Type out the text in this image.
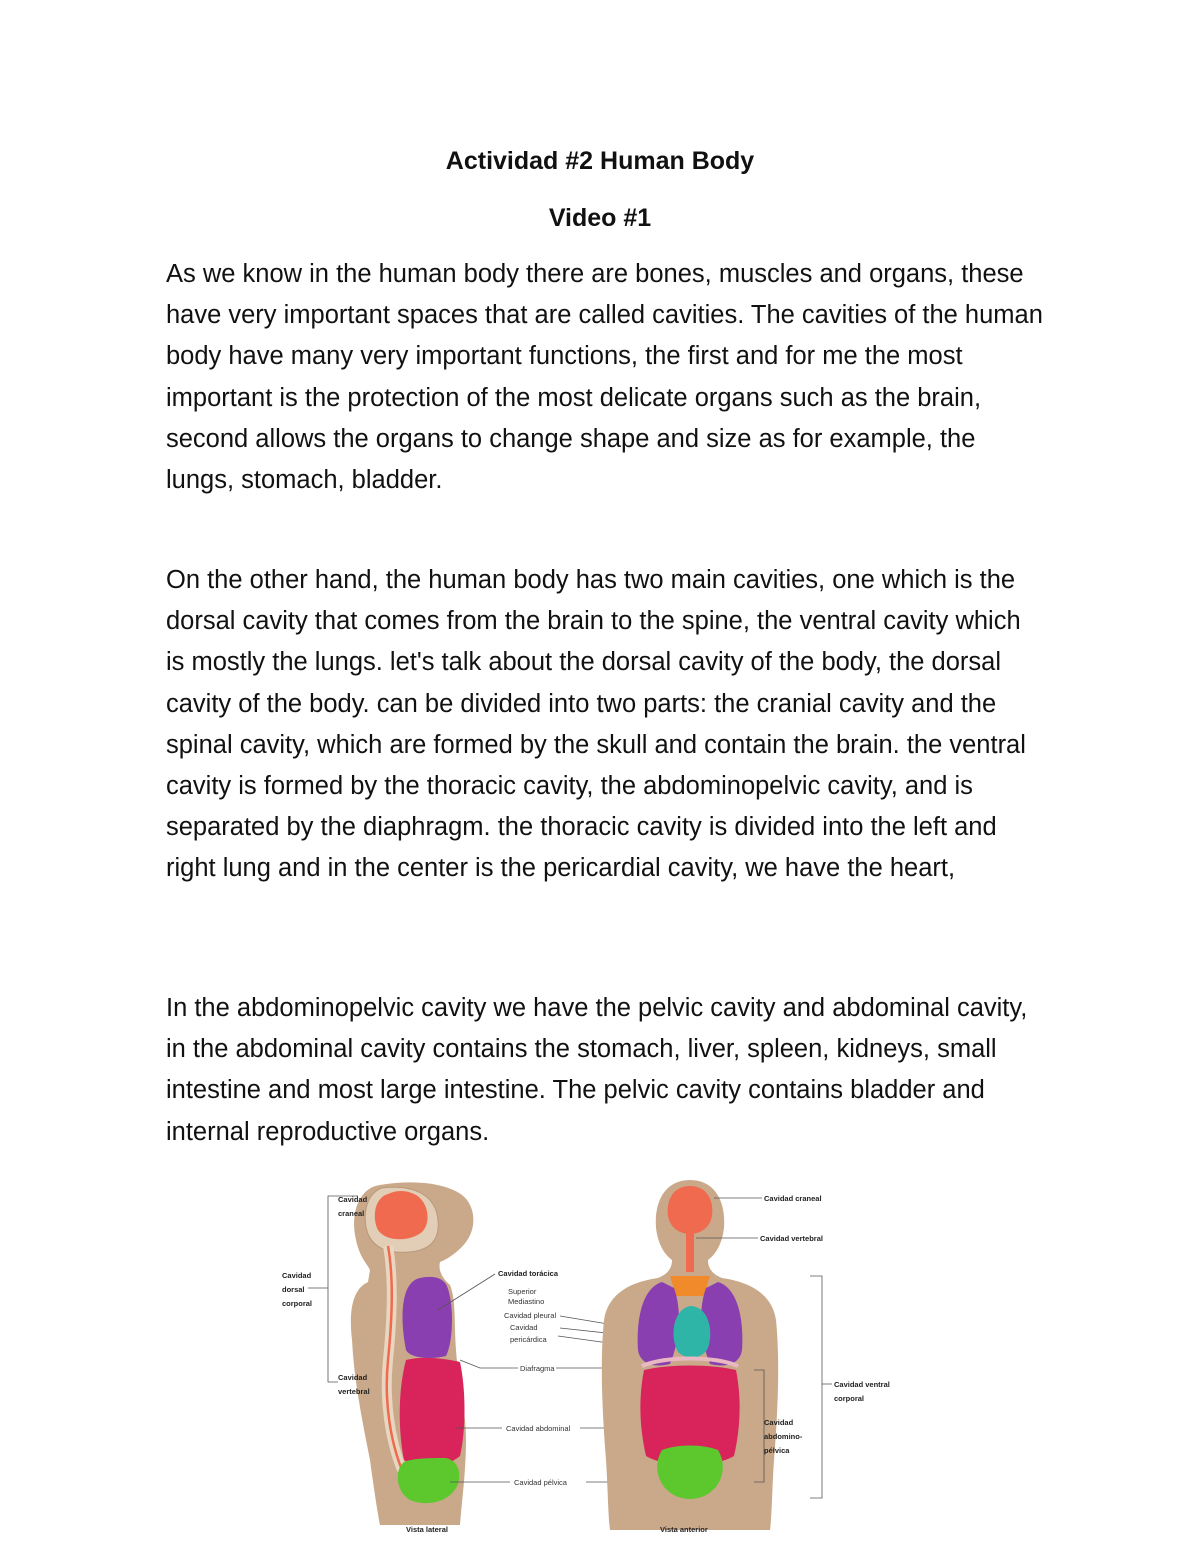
Actividad #2 Human Body
Video #1

As we know in the human body there are bones, muscles and organs, these have very important spaces that are called cavities. The cavities of the human body have many very important functions, the first and for me the most important is the protection of the most delicate organs such as the brain, second allows the organs to change shape and size as for example, the lungs, stomach, bladder.

On the other hand, the human body has two main cavities, one which is the dorsal cavity that comes from the brain to the spine, the ventral cavity which is mostly the lungs. let's talk about the dorsal cavity of the body, the dorsal cavity of the body. can be divided into two parts: the cranial cavity and the spinal cavity, which are formed by the skull and contain the brain. the ventral cavity is formed by the thoracic cavity, the abdominopelvic cavity, and is separated by the diaphragm. the thoracic cavity is divided into the left and right lung and in the center is the pericardial cavity, we have the heart,

In the abdominopelvic cavity we have the pelvic cavity and abdominal cavity, in the abdominal cavity contains the stomach, liver, spleen, kidneys, small intestine and most large intestine. The pelvic cavity contains bladder and internal reproductive organs.

Cavidad
craneal
Cavidad
dorsal
corporal
Cavidad
vertebral
Cavidad torácica
Superior
Mediastino
Cavidad pleural
Cavidad
pericárdica
Diafragma
Cavidad abdominal
Cavidad pélvica
Cavidad craneal
Cavidad vertebral
Cavidad ventral
corporal
Cavidad
abdomino-
pélvica
Vista lateral	Vista anterior
